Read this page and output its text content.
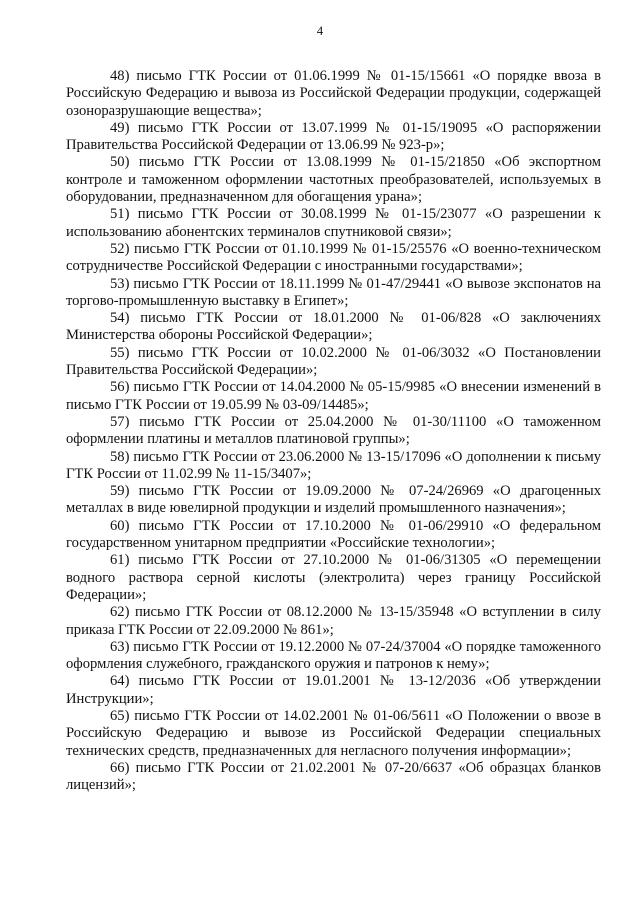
4

48) письмо ГТК России от 01.06.1999 № 01-15/15661 «О порядке ввоза в Российскую Федерацию и вывоза из Российской Федерации продукции, содержащей озоноразрушающие вещества»;

49) письмо ГТК России от 13.07.1999 № 01-15/19095 «О распоряжении Правительства Российской Федерации от 13.06.99 № 923-р»;

50) письмо ГТК России от 13.08.1999 № 01-15/21850 «Об экспортном контроле и таможенном оформлении частотных преобразователей, используемых в оборудовании, предназначенном для обогащения урана»;

51) письмо ГТК России от 30.08.1999 № 01-15/23077 «О разрешении к использованию абонентских терминалов спутниковой связи»;

52) письмо ГТК России от 01.10.1999 № 01-15/25576 «О военно-техническом сотрудничестве Российской Федерации с иностранными государствами»;

53) письмо ГТК России от 18.11.1999 № 01-47/29441 «О вывозе экспонатов на торгово-промышленную выставку в Египет»;

54) письмо ГТК России от 18.01.2000 № 01-06/828 «О заключениях Министерства обороны Российской Федерации»;

55) письмо ГТК России от 10.02.2000 № 01-06/3032 «О Постановлении Правительства Российской Федерации»;

56) письмо ГТК России от 14.04.2000 № 05-15/9985 «О внесении изменений в письмо ГТК России от 19.05.99 № 03-09/14485»;

57) письмо ГТК России от 25.04.2000 № 01-30/11100 «О таможенном оформлении платины и металлов платиновой группы»;

58) письмо ГТК России от 23.06.2000 № 13-15/17096 «О дополнении к письму ГТК России от 11.02.99 № 11-15/3407»;

59) письмо ГТК России от 19.09.2000 № 07-24/26969 «О драгоценных металлах в виде ювелирной продукции и изделий промышленного назначения»;

60) письмо ГТК России от 17.10.2000 № 01-06/29910 «О федеральном государственном унитарном предприятии «Российские технологии»;

61) письмо ГТК России от 27.10.2000 № 01-06/31305 «О перемещении водного раствора серной кислоты (электролита) через границу Российской Федерации»;

62) письмо ГТК России от 08.12.2000 № 13-15/35948 «О вступлении в силу приказа ГТК России от 22.09.2000 № 861»;

63) письмо ГТК России от 19.12.2000 № 07-24/37004 «О порядке таможенного оформления служебного, гражданского оружия и патронов к нему»;

64) письмо ГТК России от 19.01.2001 № 13-12/2036 «Об утверждении Инструкции»;

65) письмо ГТК России от 14.02.2001 № 01-06/5611 «О Положении о ввозе в Российскую Федерацию и вывозе из Российской Федерации специальных технических средств, предназначенных для негласного получения информации»;

66) письмо ГТК России от 21.02.2001 № 07-20/6637 «Об образцах бланков лицензий»;
